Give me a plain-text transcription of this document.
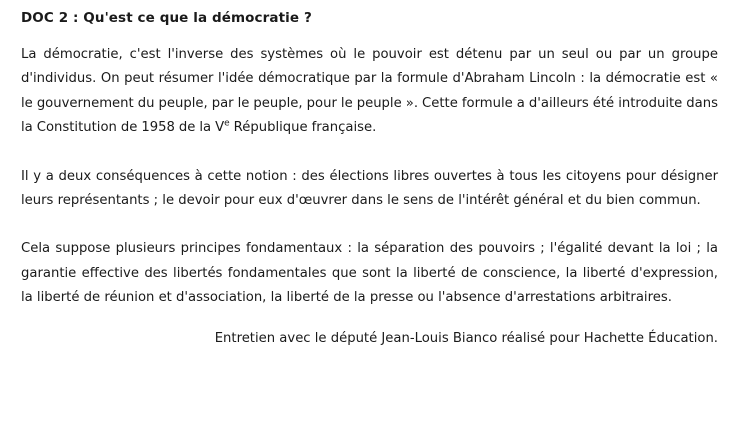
DOC 2 : Qu'est ce que la démocratie ?

La démocratie, c'est l'inverse des systèmes où le pouvoir est détenu par un seul ou par un groupe d'individus. On peut résumer l'idée démocratique par la formule d'Abraham Lincoln : la démocratie est « le gouvernement du peuple, par le peuple, pour le peuple ». Cette formule a d'ailleurs été introduite dans la Constitution de 1958 de la Ve République française.

Il y a deux conséquences à cette notion : des élections libres ouvertes à tous les citoyens pour désigner leurs représentants ; le devoir pour eux d'œuvrer dans le sens de l'intérêt général et du bien commun.

Cela suppose plusieurs principes fondamentaux : la séparation des pouvoirs ; l'égalité devant la loi ; la garantie effective des libertés fondamentales que sont la liberté de conscience, la liberté d'expression, la liberté de réunion et d'association, la liberté de la presse ou l'absence d'arrestations arbitraires.

Entretien avec le député Jean-Louis Bianco réalisé pour Hachette Éducation.
